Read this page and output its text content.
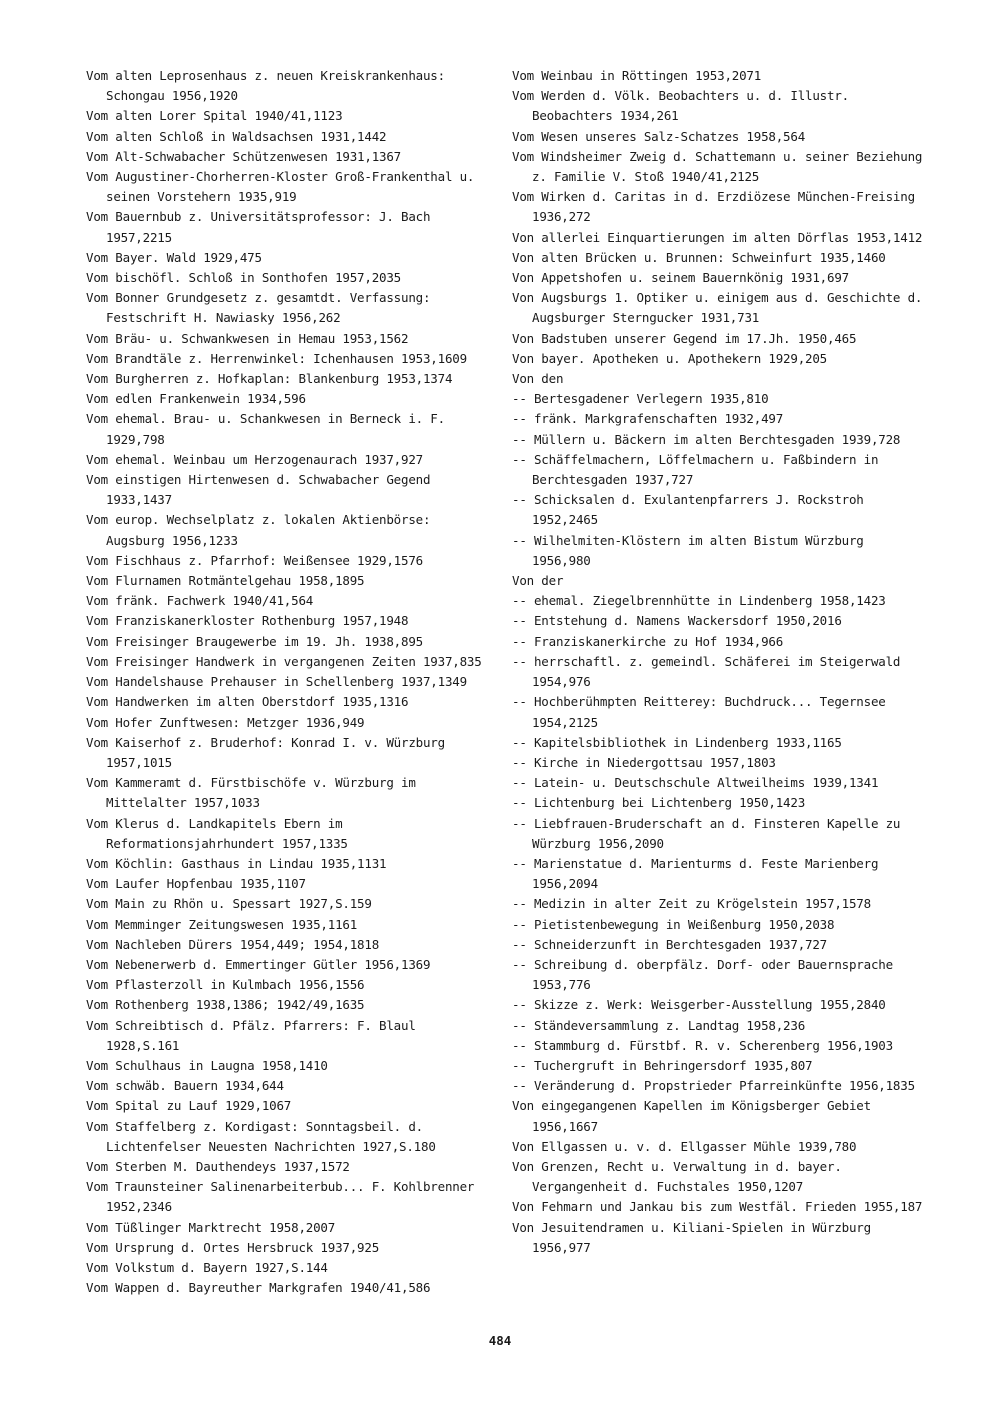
Vom alten Leprosenhaus z. neuen Kreiskrankenhaus: Schongau 1956,1920
Vom alten Lorer Spital 1940/41,1123
Vom alten Schloß in Waldsachsen 1931,1442
Vom Alt-Schwabacher Schützenwesen 1931,1367
Vom Augustiner-Chorherren-Kloster Groß-Frankenthal u. seinen Vorstehern 1935,919
Vom Bauernbub z. Universitätsprofessor: J. Bach 1957,2215
Vom Bayer. Wald 1929,475
Vom bischöfl. Schloß in Sonthofen 1957,2035
Vom Bonner Grundgesetz z. gesamtdt. Verfassung: Festschrift H. Nawiasky 1956,262
Vom Bräu- u. Schwankwesen in Hemau 1953,1562
Vom Brandtäle z. Herrenwinkel: Ichenhausen 1953,1609
Vom Burgherren z. Hofkaplan: Blankenburg 1953,1374
Vom edlen Frankenwein 1934,596
Vom ehemal. Brau- u. Schankwesen in Berneck i. F. 1929,798
Vom ehemal. Weinbau um Herzogenaurach 1937,927
Vom einstigen Hirtenwesen d. Schwabacher Gegend 1933,1437
Vom europ. Wechselplatz z. lokalen Aktienbörse: Augsburg 1956,1233
Vom Fischhaus z. Pfarrhof: Weißensee 1929,1576
Vom Flurnamen Rotmäntelgehau 1958,1895
Vom fränk. Fachwerk 1940/41,564
Vom Franziskanerkloster Rothenburg 1957,1948
Vom Freisinger Braugewerbe im 19. Jh. 1938,895
Vom Freisinger Handwerk in vergangenen Zeiten 1937,835
Vom Handelshause Prehauser in Schellenberg 1937,1349
Vom Handwerken im alten Oberstdorf 1935,1316
Vom Hofer Zunftwesen: Metzger 1936,949
Vom Kaiserhof z. Bruderhof: Konrad I. v. Würzburg 1957,1015
Vom Kammeramt d. Fürstbischöfe v. Würzburg im Mittelalter 1957,1033
Vom Klerus d. Landkapitels Ebern im Reformationsjahrhundert 1957,1335
Vom Köchlin: Gasthaus in Lindau 1935,1131
Vom Laufer Hopfenbau 1935,1107
Vom Main zu Rhön u. Spessart 1927,S.159
Vom Memminger Zeitungswesen 1935,1161
Vom Nachleben Dürers 1954,449; 1954,1818
Vom Nebenerwerb d. Emmertinger Gütler 1956,1369
Vom Pflasterzoll in Kulmbach 1956,1556
Vom Rothenberg 1938,1386; 1942/49,1635
Vom Schreibtisch d. Pfälz. Pfarrers: F. Blaul 1928,S.161
Vom Schulhaus in Laugna 1958,1410
Vom schwäb. Bauern 1934,644
Vom Spital zu Lauf 1929,1067
Vom Staffelberg z. Kordigast: Sonntagsbeil. d. Lichtenfelser Neuesten Nachrichten 1927,S.180
Vom Sterben M. Dauthendeys 1937,1572
Vom Traunsteiner Salinenarbeiterbub... F. Kohlbrenner 1952,2346
Vom Tüßlinger Marktrecht 1958,2007
Vom Ursprung d. Ortes Hersbruck 1937,925
Vom Volkstum d. Bayern 1927,S.144
Vom Wappen d. Bayreuther Markgrafen 1940/41,586
Vom Weinbau in Röttingen 1953,2071
Vom Werden d. Völk. Beobachters u. d. Illustr. Beobachters 1934,261
Vom Wesen unseres Salz-Schatzes 1958,564
Vom Windsheimer Zweig d. Schattemann u. seiner Beziehung z. Familie V. Stoß 1940/41,2125
Vom Wirken d. Caritas in d. Erzdiözese München-Freising 1936,272
Von allerlei Einquartierungen im alten Dörflas 1953,1412
Von alten Brücken u. Brunnen: Schweinfurt 1935,1460
Von Appetshofen u. seinem Bauernkönig 1931,697
Von Augsburgs 1. Optiker u. einigem aus d. Geschichte d. Augsburger Sterngucker 1931,731
Von Badstuben unserer Gegend im 17.Jh. 1950,465
Von bayer. Apotheken u. Apothekern 1929,205
Von den
-- Bertesgadener Verlegern 1935,810
-- fränk. Markgrafenschaften 1932,497
-- Müllern u. Bäckern im alten Berchtesgaden 1939,728
-- Schäffelmachern, Löffelmachern u. Faßbindern in Berchtesgaden 1937,727
-- Schicksalen d. Exulantenpfarrers J. Rockstroh 1952,2465
-- Wilhelmiten-Klöstern im alten Bistum Würzburg 1956,980
Von der
-- ehemal. Ziegelbrennhütte in Lindenberg 1958,1423
-- Entstehung d. Namens Wackersdorf 1950,2016
-- Franziskanerkirche zu Hof 1934,966
-- herrschaftl. z. gemeindl. Schäferei im Steigerwald 1954,976
-- Hochberühmpten Reitterey: Buchdruck... Tegernsee 1954,2125
-- Kapitelsbibliothek in Lindenberg 1933,1165
-- Kirche in Niedergottsau 1957,1803
-- Latein- u. Deutschschule Altweilheims 1939,1341
-- Lichtenburg bei Lichtenberg 1950,1423
-- Liebfrauen-Bruderschaft an d. Finsteren Kapelle zu Würzburg 1956,2090
-- Marienstatue d. Marienturms d. Feste Marienberg 1956,2094
-- Medizin in alter Zeit zu Krögelstein 1957,1578
-- Pietistenbewegung in Weißenburg 1950,2038
-- Schneiderzunft in Berchtesgaden 1937,727
-- Schreibung d. oberpfälz. Dorf- oder Bauernsprache 1953,776
-- Skizze z. Werk: Weisgerber-Ausstellung 1955,2840
-- Ständeversammlung z. Landtag 1958,236
-- Stammburg d. Fürstbf. R. v. Scherenberg 1956,1903
-- Tuchergruft in Behringersdorf 1935,807
-- Veränderung d. Propstrieder Pfarreinkünfte 1956,1835
Von eingegangenen Kapellen im Königsberger Gebiet 1956,1667
Von Ellgassen u. v. d. Ellgasser Mühle 1939,780
Von Grenzen, Recht u. Verwaltung in d. bayer. Vergangenheit d. Fuchstales 1950,1207
Von Fehmarn und Jankau bis zum Westfäl. Frieden 1955,187
Von Jesuitendramen u. Kiliani-Spielen in Würzburg 1956,977
484
